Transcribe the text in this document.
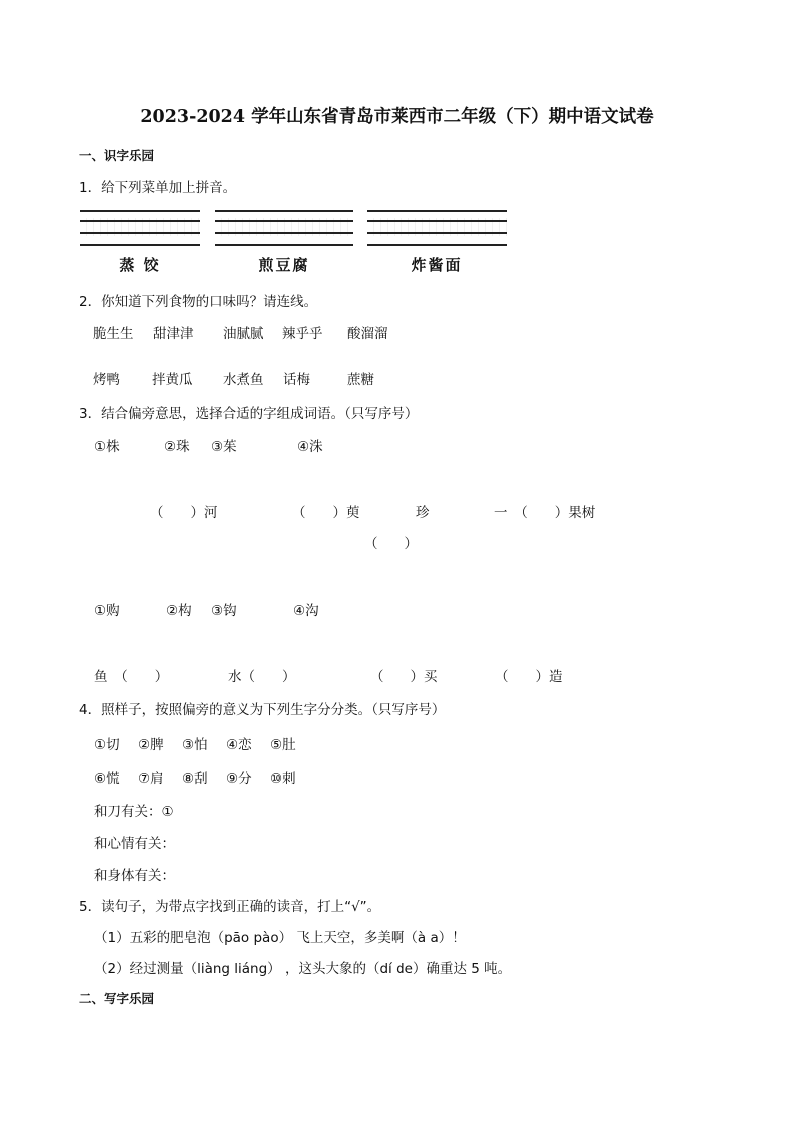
2023-2024 学年山东省青岛市莱西市二年级（下）期中语文试卷
一、识字乐园
1．给下列菜单加上拼音。
蒸 饺	煎豆腐	炸酱面
2．你知道下列食物的口味吗？请连线。
脆生生 甜津津 油腻腻 辣乎乎 酸溜溜
烤鸭 拌黄瓜 水煮鱼 话梅	蔗糖
3．结合偏旁意思，选择合适的字组成词语。（只写序号）
①株	②珠 ③茱	④洙
（　　）河	（　　）萸	珍	一　（　　）果树
（　　）
①购	②构 ③钩	④沟
鱼　（　　）	水（　　）	（　　）买	（　　）造
4．照样子，按照偏旁的意义为下列生字分分类。（只写序号）
①切 ②脾 ③怕 ④恋 ⑤肚
⑥慌 ⑦肩 ⑧刮 ⑨分 ⑩刺
和刀有关：①
和心情有关：
和身体有关：
5．读句子，为带点字找到正确的读音，打上“√”。
（1）五彩的肥皂泡（pāo pào） 飞上天空，多美啊（à a）！
（2）经过测量（liàng liáng） ，这头大象的（dí de）确重达 5 吨。
二、写字乐园
